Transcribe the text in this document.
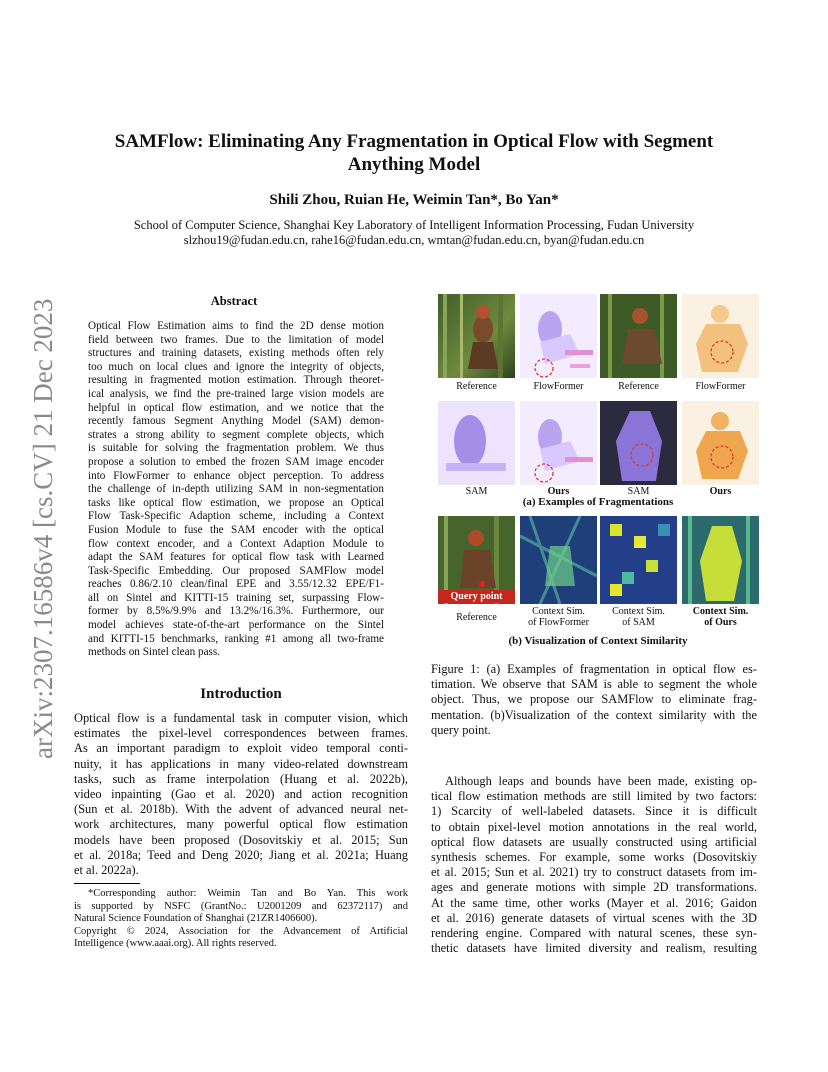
arXiv:2307.16586v4 [cs.CV] 21 Dec 2023
SAMFlow: Eliminating Any Fragmentation in Optical Flow with Segment
Anything Model
Shili Zhou, Ruian He, Weimin Tan*, Bo Yan*
School of Computer Science, Shanghai Key Laboratory of Intelligent Information Processing, Fudan University
slzhou19@fudan.edu.cn, rahe16@fudan.edu.cn, wmtan@fudan.edu.cn, byan@fudan.edu.cn
Abstract
Optical Flow Estimation aims to find the 2D dense motion
field between two frames. Due to the limitation of model
structures and training datasets, existing methods often rely
too much on local clues and ignore the integrity of objects,
resulting in fragmented motion estimation. Through theoret-
ical analysis, we find the pre-trained large vision models are
helpful in optical flow estimation, and we notice that the
recently famous Segment Anything Model (SAM) demon-
strates a strong ability to segment complete objects, which
is suitable for solving the fragmentation problem. We thus
propose a solution to embed the frozen SAM image encoder
into FlowFormer to enhance object perception. To address
the challenge of in-depth utilizing SAM in non-segmentation
tasks like optical flow estimation, we propose an Optical
Flow Task-Specific Adaption scheme, including a Context
Fusion Module to fuse the SAM encoder with the optical
flow context encoder, and a Context Adaption Module to
adapt the SAM features for optical flow task with Learned
Task-Specific Embedding. Our proposed SAMFlow model
reaches 0.86/2.10 clean/final EPE and 3.55/12.32 EPE/F1-
all on Sintel and KITTI-15 training set, surpassing Flow-
former by 8.5%/9.9% and 13.2%/16.3%. Furthermore, our
model achieves state-of-the-art performance on the Sintel
and KITTI-15 benchmarks, ranking #1 among all two-frame
methods on Sintel clean pass.
Introduction
Optical flow is a fundamental task in computer vision, which
estimates the pixel-level correspondences between frames.
As an important paradigm to exploit video temporal conti-
nuity, it has applications in many video-related downstream
tasks, such as frame interpolation (Huang et al. 2022b),
video inpainting (Gao et al. 2020) and action recognition
(Sun et al. 2018b). With the advent of advanced neural net-
work architectures, many powerful optical flow estimation
models have been proposed (Dosovitskiy et al. 2015; Sun
et al. 2018a; Teed and Deng 2020; Jiang et al. 2021a; Huang
et al. 2022a).
*Corresponding author: Weimin Tan and Bo Yan. This work
is supported by NSFC (GrantNo.: U2001209 and 62372117) and
Natural Science Foundation of Shanghai (21ZR1406600).
Copyright © 2024, Association for the Advancement of Artificial
Intelligence (www.aaai.org). All rights reserved.
Reference	FlowFormer	Reference	FlowFormer
SAM	Ours	SAM	Ours
(a) Examples of Fragmentations
Query point
Reference
Context Sim.
of FlowFormer
Context Sim.
of SAM
Context Sim.
of Ours
(b) Visualization of Context Similarity
Figure 1: (a) Examples of fragmentation in optical flow es-
timation. We observe that SAM is able to segment the whole
object. Thus, we propose our SAMFlow to eliminate frag-
mentation. (b)Visualization of the context similarity with the
query point.
Although leaps and bounds have been made, existing op-
tical flow estimation methods are still limited by two factors:
1) Scarcity of well-labeled datasets. Since it is difficult
to obtain pixel-level motion annotations in the real world,
optical flow datasets are usually constructed using artificial
synthesis schemes. For example, some works (Dosovitskiy
et al. 2015; Sun et al. 2021) try to construct datasets from im-
ages and generate motions with simple 2D transformations.
At the same time, other works (Mayer et al. 2016; Gaidon
et al. 2016) generate datasets of virtual scenes with the 3D
rendering engine. Compared with natural scenes, these syn-
thetic datasets have limited diversity and realism, resulting
